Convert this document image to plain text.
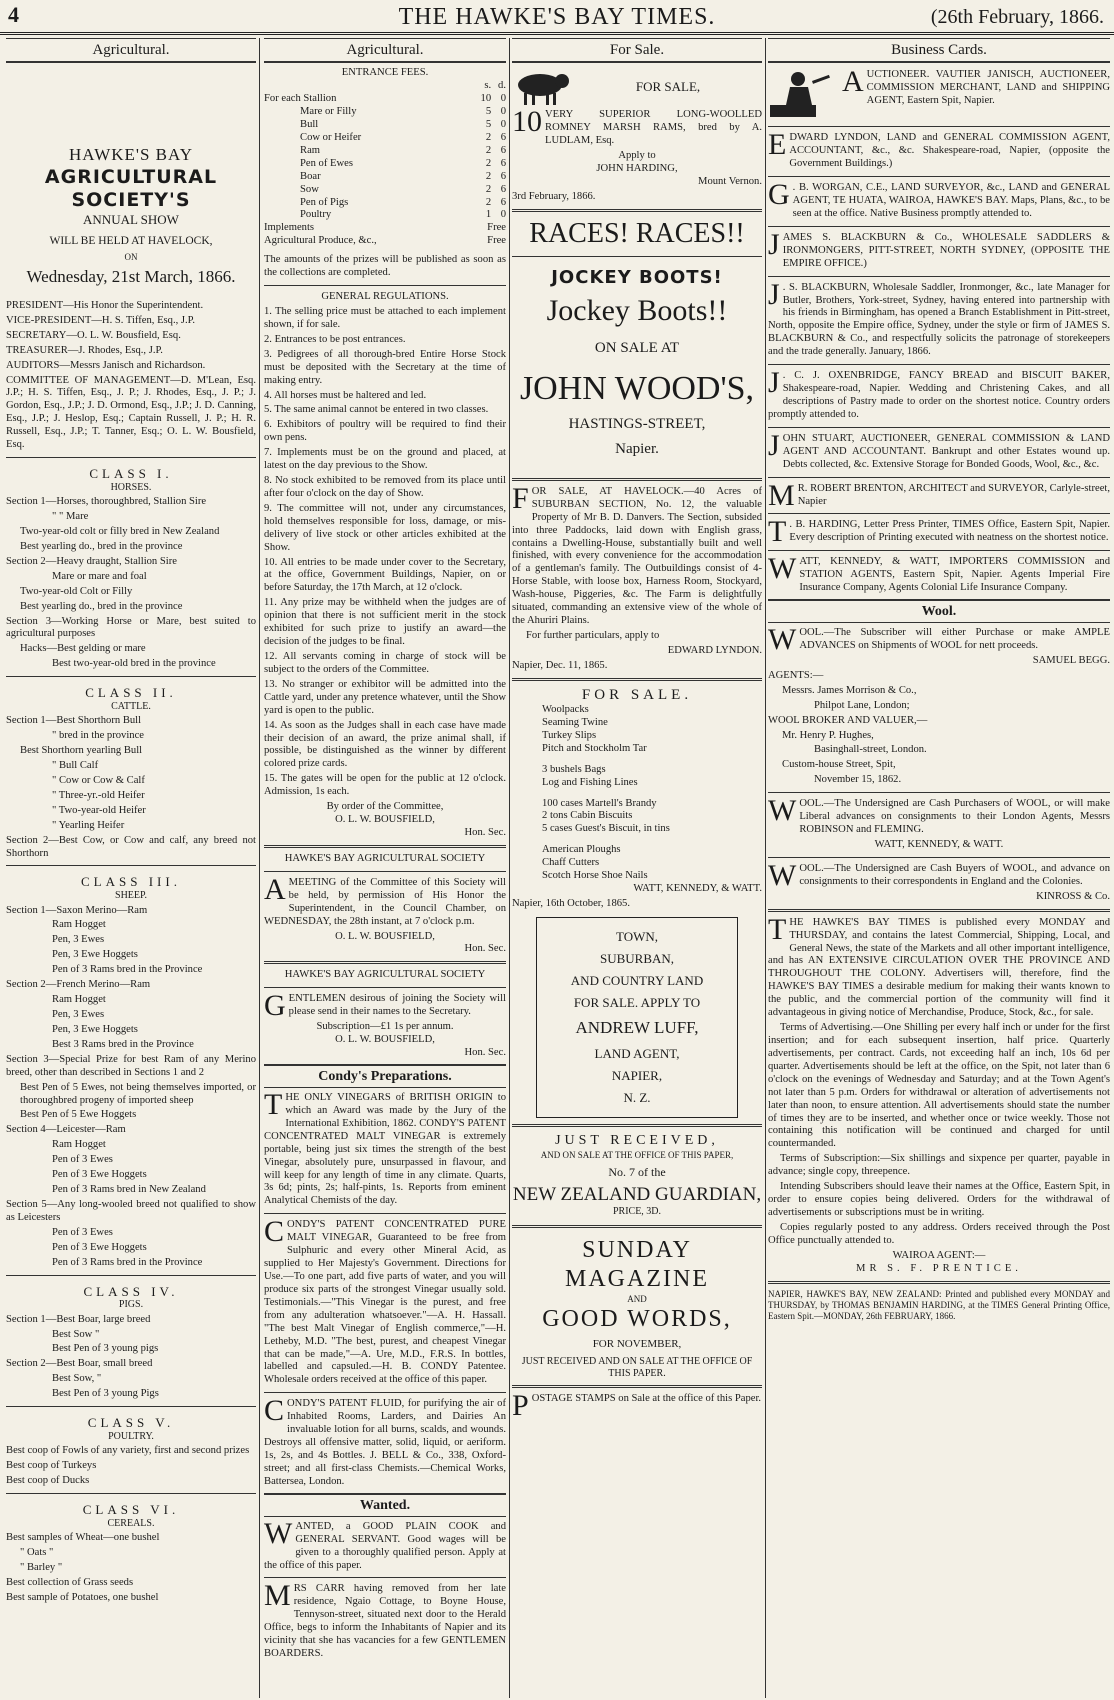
4	THE HAWKE'S BAY TIMES.	(26th February, 1866.
Agricultural.
HAWKE'S BAY
AGRICULTURAL SOCIETY'S
ANNUAL SHOW
WILL BE HELD AT HAVELOCK,
ON
Wednesday, 21st March, 1866.
PRESIDENT—His Honor the Superintendent.
VICE-PRESIDENT—H. S. Tiffen, Esq., J.P.
SECRETARY—O. L. W. Bousfield, Esq.
TREASURER—J. Rhodes, Esq., J.P.
AUDITORS—Messrs Janisch and Richardson.
COMMITTEE OF MANAGEMENT—D. M'Lean, Esq. J.P.; H. S. Tiffen, Esq., J. P.; J. Rhodes, Esq., J. P.; J. Gordon, Esq., J.P.; J. D. Ormond, Esq., J.P.; J. D. Canning, Esq., J.P.; J. Heslop, Esq.; Captain Russell, J. P.; H. R. Russell, Esq., J.P.; T. Tanner, Esq.; O. L. W. Bousfield, Esq.
CLASS I.
HORSES.
Section 1—Horses, thoroughbred, Stallion Sire
" " Mare
Two-year-old colt or filly bred in New Zealand
Best yearling do., bred in the province
Section 2—Heavy draught, Stallion Sire
Mare or mare and foal
Two-year-old Colt or Filly
Best yearling do., bred in the province
Section 3—Working Horse or Mare, best suited to agricultural purposes
Hacks—Best gelding or mare
Best two-year-old bred in the province
CLASS II.
CATTLE.
Section 1—Best Shorthorn Bull
" bred in the province
Best Shorthorn yearling Bull
" Bull Calf
" Cow or Cow & Calf
" Three-yr.-old Heifer
" Two-year-old Heifer
" Yearling Heifer
Section 2—Best Cow, or Cow and calf, any breed not Shorthorn
CLASS III.
SHEEP.
Section 1—Saxon Merino—Ram
Ram Hogget
Pen, 3 Ewes
Pen, 3 Ewe Hoggets
Pen of 3 Rams bred in the Province
Section 2—French Merino—Ram
Ram Hogget
Pen, 3 Ewes
Pen, 3 Ewe Hoggets
Best 3 Rams bred in the Province
Section 3—Special Prize for best Ram of any Merino breed, other than described in Sections 1 and 2
Best Pen of 5 Ewes, not being themselves imported, or thoroughbred progeny of imported sheep
Best Pen of 5 Ewe Hoggets
Section 4—Leicester—Ram
Ram Hogget
Pen of 3 Ewes
Pen of 3 Ewe Hoggets
Pen of 3 Rams bred in New Zealand
Section 5—Any long-wooled breed not qualified to show as Leicesters
Pen of 3 Ewes
Pen of 3 Ewe Hoggets
Pen of 3 Rams bred in the Province
CLASS IV.
PIGS.
Section 1—Best Boar, large breed
Best Sow "
Best Pen of 3 young pigs
Section 2—Best Boar, small breed
Best Sow, "
Best Pen of 3 young Pigs
CLASS V.
POULTRY.
Best coop of Fowls of any variety, first and second prizes
Best coop of Turkeys
Best coop of Ducks
CLASS VI.
CEREALS.
Best samples of Wheat—one bushel
" Oats "
" Barley "
Best collection of Grass seeds
Best sample of Potatoes, one bushel
Agricultural.
ENTRANCE FEES.
	s.	d.
For each Stallion	10	0
Mare or Filly	5	0
Bull	5	0
Cow or Heifer	2	6
Ram	2	6
Pen of Ewes	2	6
Boar	2	6
Sow	2	6
Pen of Pigs	2	6
Poultry	1	0
Implements	Free	
Agricultural Produce, &c.,	Free	
The amounts of the prizes will be published as soon as the collections are completed.
GENERAL REGULATIONS.
1. The selling price must be attached to each implement shown, if for sale.
2. Entrances to be post entrances.
3. Pedigrees of all thorough-bred Entire Horse Stock must be deposited with the Secretary at the time of making entry.
4. All horses must be haltered and led.
5. The same animal cannot be entered in two classes.
6. Exhibitors of poultry will be required to find their own pens.
7. Implements must be on the ground and placed, at latest on the day previous to the Show.
8. No stock exhibited to be removed from its place until after four o'clock on the day of Show.
9. The committee will not, under any circumstances, hold themselves responsible for loss, damage, or mis-delivery of live stock or other articles exhibited at the Show.
10. All entries to be made under cover to the Secretary, at the office, Government Buildings, Napier, on or before Saturday, the 17th March, at 12 o'clock.
11. Any prize may be withheld when the judges are of opinion that there is not sufficient merit in the stock exhibited for such prize to justify an award—the decision of the judges to be final.
12. All servants coming in charge of stock will be subject to the orders of the Committee.
13. No stranger or exhibitor will be admitted into the Cattle yard, under any pretence whatever, until the Show yard is open to the public.
14. As soon as the Judges shall in each case have made their decision of an award, the prize animal shall, if possible, be distinguished as the winner by different colored prize cards.
15. The gates will be open for the public at 12 o'clock. Admission, 1s each.
By order of the Committee,
O. L. W. BOUSFIELD,
Hon. Sec.
HAWKE'S BAY AGRICULTURAL SOCIETY
AMEETING of the Committee of this Society will be held, by permission of His Honor the Superintendent, in the Council Chamber, on WEDNESDAY, the 28th instant, at 7 o'clock p.m.
O. L. W. BOUSFIELD,
Hon. Sec.
HAWKE'S BAY AGRICULTURAL SOCIETY
GENTLEMEN desirous of joining the Society will please send in their names to the Secretary.
Subscription—£1 1s per annum.
O. L. W. BOUSFIELD,
Hon. Sec.
Condy's Preparations.
THE ONLY VINEGARS of BRITISH ORIGIN to which an Award was made by the Jury of the International Exhibition, 1862. CONDY'S PATENT CONCENTRATED MALT VINEGAR is extremely portable, being just six times the strength of the best Vinegar, absolutely pure, unsurpassed in flavour, and will keep for any length of time in any climate. Quarts, 3s 6d; pints, 2s; half-pints, 1s. Reports from eminent Analytical Chemists of the day.
CONDY'S PATENT CONCENTRATED PURE MALT VINEGAR, Guaranteed to be free from Sulphuric and every other Mineral Acid, as supplied to Her Majesty's Government. Directions for Use.—To one part, add five parts of water, and you will produce six parts of the strongest Vinegar usually sold. Testimonials.—"This Vinegar is the purest, and free from any adulteration whatsoever."—A. H. Hassall. "The best Malt Vinegar of English commerce,"—H. Letheby, M.D. "The best, purest, and cheapest Vinegar that can be made,"—A. Ure, M.D., F.R.S. In bottles, labelled and capsuled.—H. B. CONDY Patentee. Wholesale orders received at the office of this paper.
CONDY'S PATENT FLUID, for purifying the air of Inhabited Rooms, Larders, and Dairies An invaluable lotion for all burns, scalds, and wounds. Destroys all offensive matter, solid, liquid, or aeriform. 1s, 2s, and 4s Bottles. J. BELL & Co., 338, Oxford-street; and all first-class Chemists.—Chemical Works, Battersea, London.
Wanted.
WANTED, a GOOD PLAIN COOK and GENERAL SERVANT. Good wages will be given to a thoroughly qualified person. Apply at the office of this paper.
MRS CARR having removed from her late residence, Ngaio Cottage, to Boyne House, Tennyson-street, situated next door to the Herald Office, begs to inform the Inhabitants of Napier and its vicinity that she has vacancies for a few GENTLEMEN BOARDERS.
For Sale.
FOR SALE,
10 VERY SUPERIOR LONG-WOOLLED ROMNEY MARSH RAMS, bred by A. LUDLAM, Esq.
Apply to
JOHN HARDING,
Mount Vernon.
3rd February, 1866.
RACES! RACES!!
JOCKEY BOOTS!
Jockey Boots!!
ON SALE AT
JOHN WOOD'S,
HASTINGS-STREET,
Napier.
FOR SALE, AT HAVELOCK.—40 Acres of SUBURBAN SECTION, No. 12, the valuable Property of Mr B. D. Danvers. The Section, subsided into three Paddocks, laid down with English grass, contains a Dwelling-House, substantially built and well finished, with every convenience for the accommodation of a gentleman's family. The Outbuildings consist of 4-Horse Stable, with loose box, Harness Room, Stockyard, Wash-house, Piggeries, &c. The Farm is delightfully situated, commanding an extensive view of the whole of the Ahuriri Plains.
For further particulars, apply to
EDWARD LYNDON.
Napier, Dec. 11, 1865.
FOR SALE.
Woolpacks
Seaming Twine
Turkey Slips
Pitch and Stockholm Tar
3 bushels Bags
Log and Fishing Lines
100 cases Martell's Brandy
2 tons Cabin Biscuits
5 cases Guest's Biscuit, in tins
American Ploughs
Chaff Cutters
Scotch Horse Shoe Nails
WATT, KENNEDY, & WATT.
Napier, 16th October, 1865.
TOWN,
SUBURBAN,
AND COUNTRY LAND
FOR SALE. APPLY TO
ANDREW LUFF,
LAND AGENT,
NAPIER,
N. Z.
JUST RECEIVED,
AND ON SALE AT THE OFFICE OF THIS PAPER,
No. 7 of the
NEW ZEALAND GUARDIAN,
PRICE, 3D.
SUNDAY MAGAZINE
AND
GOOD WORDS,
FOR NOVEMBER,
JUST RECEIVED AND ON SALE AT THE OFFICE OF THIS PAPER.
POSTAGE STAMPS on Sale at the office of this Paper.
Business Cards.
AUCTIONEER. VAUTIER JANISCH, AUCTIONEER, COMMISSION MERCHANT, LAND and SHIPPING AGENT, Eastern Spit, Napier.
EDWARD LYNDON, LAND and GENERAL COMMISSION AGENT, ACCOUNTANT, &c., &c. Shakespeare-road, Napier, (opposite the Government Buildings.)
G . B. WORGAN, C.E., LAND SURVEYOR, &c., LAND and GENERAL AGENT, TE HUATA, WAIROA, HAWKE'S BAY. Maps, Plans, &c., to be seen at the office. Native Business promptly attended to.
JAMES S. BLACKBURN & Co., WHOLESALE SADDLERS & IRONMONGERS, PITT-STREET, NORTH SYDNEY, (OPPOSITE THE EMPIRE OFFICE.)
J . S. BLACKBURN, Wholesale Saddler, Ironmonger, &c., late Manager for Butler, Brothers, York-street, Sydney, having entered into partnership with his friends in Birmingham, has opened a Branch Establishment in Pitt-street, North, opposite the Empire office, Sydney, under the style or firm of JAMES S. BLACKBURN & Co., and respectfully solicits the patronage of storekeepers and the trade generally. January, 1866.
J . C. J. OXENBRIDGE, FANCY BREAD and BISCUIT BAKER, Shakespeare-road, Napier. Wedding and Christening Cakes, and all descriptions of Pastry made to order on the shortest notice. Country orders promptly attended to.
JOHN STUART, AUCTIONEER, GENERAL COMMISSION & LAND AGENT AND ACCOUNTANT. Bankrupt and other Estates wound up. Debts collected, &c. Extensive Storage for Bonded Goods, Wool, &c., &c.
M R. ROBERT BRENTON, ARCHITECT and SURVEYOR, Carlyle-street, Napier
T . B. HARDING, Letter Press Printer, TIMES Office, Eastern Spit, Napier. Every description of Printing executed with neatness on the shortest notice.
WATT, KENNEDY, & WATT, IMPORTERS COMMISSION and STATION AGENTS, Eastern Spit, Napier. Agents Imperial Fire Insurance Company, Agents Colonial Life Insurance Company.
Wool.
WOOL.—The Subscriber will either Purchase or make AMPLE ADVANCES on Shipments of WOOL for nett proceeds.
SAMUEL BEGG.
AGENTS:—
Messrs. James Morrison & Co.,
Philpot Lane, London;
WOOL BROKER AND VALUER,—
Mr. Henry P. Hughes,
Basinghall-street, London.
Custom-house Street, Spit,
November 15, 1862.
WOOL.—The Undersigned are Cash Purchasers of WOOL, or will make Liberal advances on consignments to their London Agents, Messrs ROBINSON and FLEMING.
WATT, KENNEDY, & WATT.
WOOL.—The Undersigned are Cash Buyers of WOOL, and advance on consignments to their correspondents in England and the Colonies.
KINROSS & Co.
THE HAWKE'S BAY TIMES is published every MONDAY and THURSDAY, and contains the latest Commercial, Shipping, Local, and General News, the state of the Markets and all other important intelligence, and has AN EXTENSIVE CIRCULATION OVER THE PROVINCE AND THROUGHOUT THE COLONY. Advertisers will, therefore, find the HAWKE'S BAY TIMES a desirable medium for making their wants known to the public, and the commercial portion of the community will find it advantageous in giving notice of Merchandise, Produce, Stock, &c., for sale.
Terms of Advertising.—One Shilling per every half inch or under for the first insertion; and for each subsequent insertion, half price. Quarterly advertisements, per contract. Cards, not exceeding half an inch, 10s 6d per quarter. Advertisements should be left at the office, on the Spit, not later than 6 o'clock on the evenings of Wednesday and Saturday; and at the Town Agent's not later than 5 p.m. Orders for withdrawal or alteration of advertisements not later than noon, to ensure attention. All advertisements should state the number of times they are to be inserted, and whether once or twice weekly. Those not containing this notification will be continued and charged for until countermanded.
Terms of Subscription:—Six shillings and sixpence per quarter, payable in advance; single copy, threepence.
Intending Subscribers should leave their names at the Office, Eastern Spit, in order to ensure copies being delivered. Orders for the withdrawal of advertisements or subscriptions must be in writing.
Copies regularly posted to any address. Orders received through the Post Office punctually attended to.
WAIROA AGENT:—
MR S. F. PRENTICE.
NAPIER, HAWKE'S BAY, NEW ZEALAND: Printed and published every MONDAY and THURSDAY, by THOMAS BENJAMIN HARDING, at the TIMES General Printing Office, Eastern Spit.—MONDAY, 26th FEBRUARY, 1866.
